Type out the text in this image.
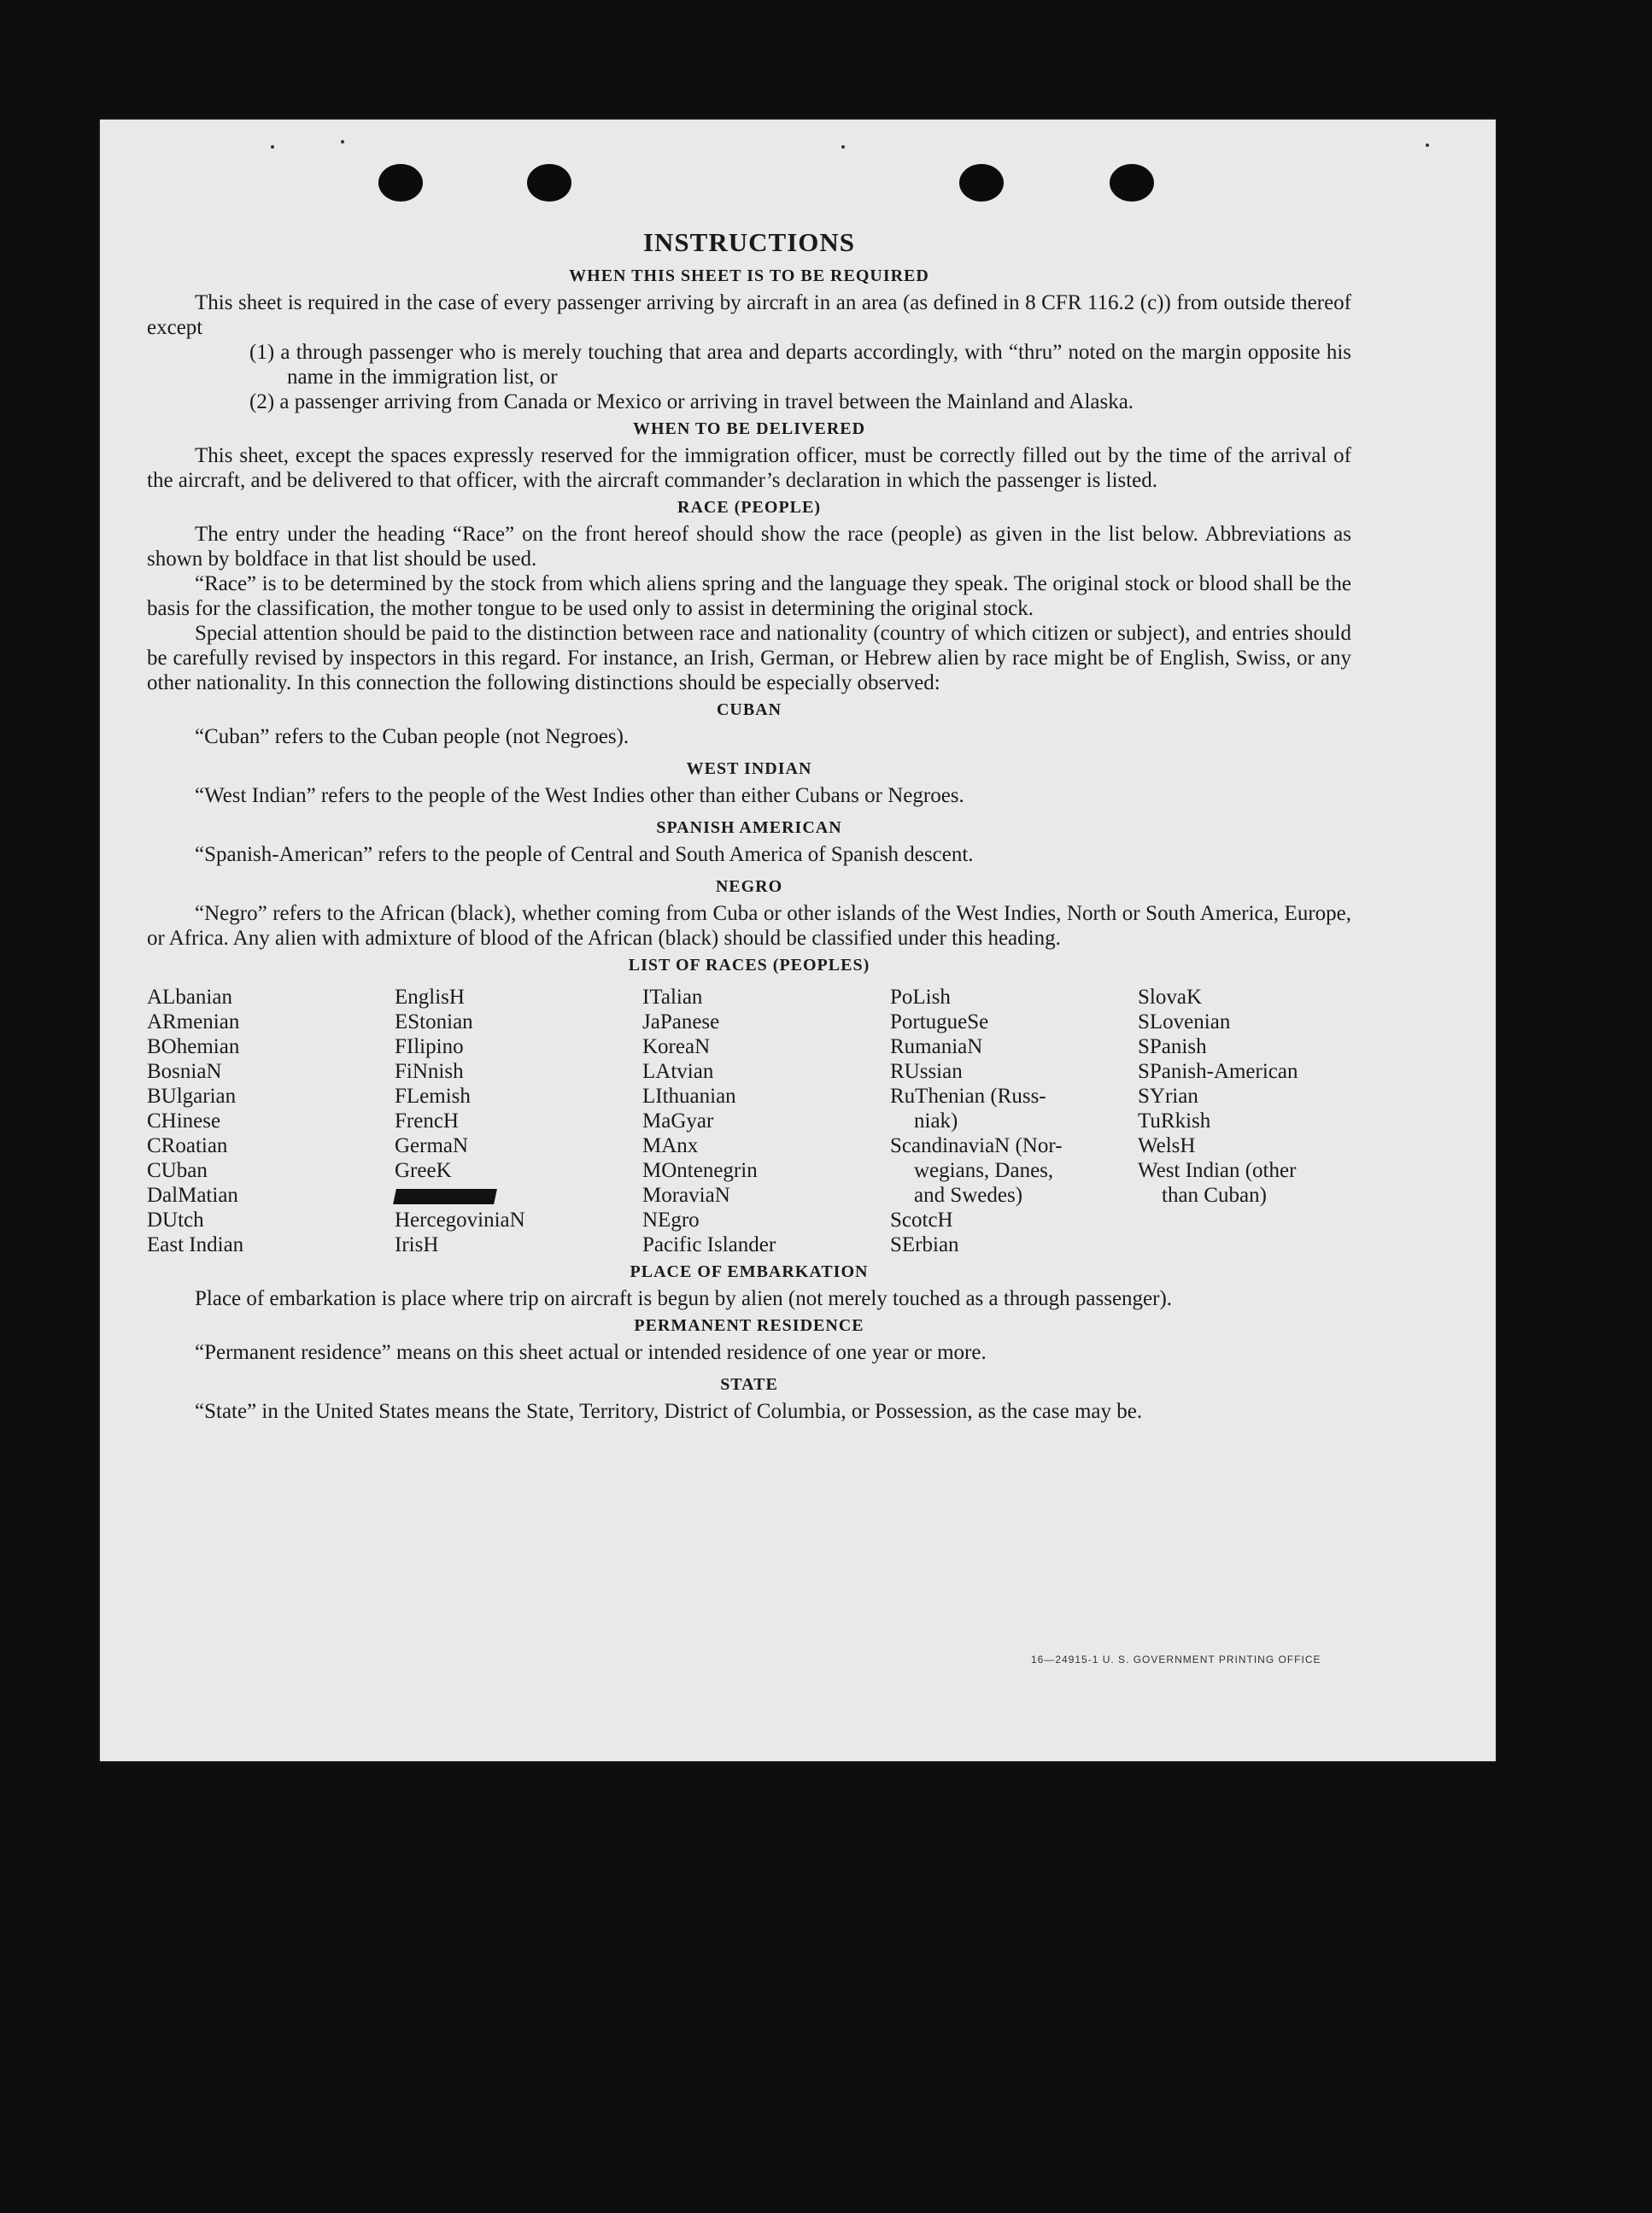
INSTRUCTIONS
WHEN THIS SHEET IS TO BE REQUIRED

This sheet is required in the case of every passenger arriving by aircraft in an area (as defined in 8 CFR 116.2 (c)) from outside thereof except

(1) a through passenger who is merely touching that area and departs accordingly, with “thru” noted on the margin opposite his name in the immigration list, or

(2) a passenger arriving from Canada or Mexico or arriving in travel between the Mainland and Alaska.

WHEN TO BE DELIVERED

This sheet, except the spaces expressly reserved for the immigration officer, must be correctly filled out by the time of the arrival of the aircraft, and be delivered to that officer, with the aircraft commander’s declaration in which the passenger is listed.

RACE (PEOPLE)

The entry under the heading “Race” on the front hereof should show the race (people) as given in the list below. Abbreviations as shown by boldface in that list should be used.

“Race” is to be determined by the stock from which aliens spring and the language they speak. The original stock or blood shall be the basis for the classification, the mother tongue to be used only to assist in determining the original stock.

Special attention should be paid to the distinction between race and nationality (country of which citizen or subject), and entries should be carefully revised by inspectors in this regard. For instance, an Irish, German, or Hebrew alien by race might be of English, Swiss, or any other nationality. In this connection the following distinctions should be especially observed:

CUBAN

“Cuban” refers to the Cuban people (not Negroes).

WEST INDIAN

“West Indian” refers to the people of the West Indies other than either Cubans or Negroes.

SPANISH AMERICAN

“Spanish-American” refers to the people of Central and South America of Spanish descent.

NEGRO

“Negro” refers to the African (black), whether coming from Cuba or other islands of the West Indies, North or South America, Europe, or Africa. Any alien with admixture of blood of the African (black) should be classified under this heading.

LIST OF RACES (PEOPLES)
ALbanian
ARmenian
BOhemian
BosniaN
BUlgarian
CHinese
CRoatian
CUban
DalMatian
DUtch
East Indian
EnglisH
EStonian
FIlipino
FiNnish
FLemish
FrencH
GermaN
GreeK
HercegoviniaN
IrisH
ITalian
JaPanese
KoreaN
LAtvian
LIthuanian
MaGyar
MAnx
MOntenegrin
MoraviaN
NEgro
Pacific Islander
PoLish
PortugueSe
RumaniaN
RUssian
RuThenian (Russ-
niak)
ScandinaviaN (Nor-
wegians, Danes,
and Swedes)
ScotcH
SErbian
SlovaK
SLovenian
SPanish
SPanish-American
SYrian
TuRkish
WelsH
West Indian (other
than Cuban)
PLACE OF EMBARKATION

Place of embarkation is place where trip on aircraft is begun by alien (not merely touched as a through passenger).

PERMANENT RESIDENCE

“Permanent residence” means on this sheet actual or intended residence of one year or more.

STATE

“State” in the United States means the State, Territory, District of Columbia, or Possession, as the case may be.

16—24915-1 U. S. GOVERNMENT PRINTING OFFICE
